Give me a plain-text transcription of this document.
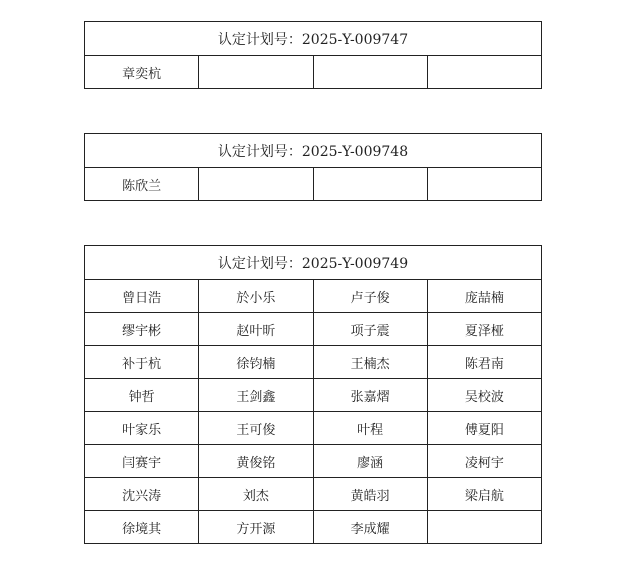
认定计划号：2025-Y-009747
章奕杭			
认定计划号：2025-Y-009748
陈欣兰			
认定计划号：2025-Y-009749			
曾日浩	於小乐	卢子俊	庞喆楠
缪宇彬	赵叶昕	项子震	夏泽桠
补于杭	徐钧楠	王楠杰	陈君南
钟哲	王剑鑫	张嘉熠	吴校波
叶家乐	王可俊	叶程	傅夏阳
闫赛宇	黄俊铭	廖涵	凌柯宇
沈兴涛	刘杰	黄皓羽	梁启航
徐境其	方开源	李成耀	
